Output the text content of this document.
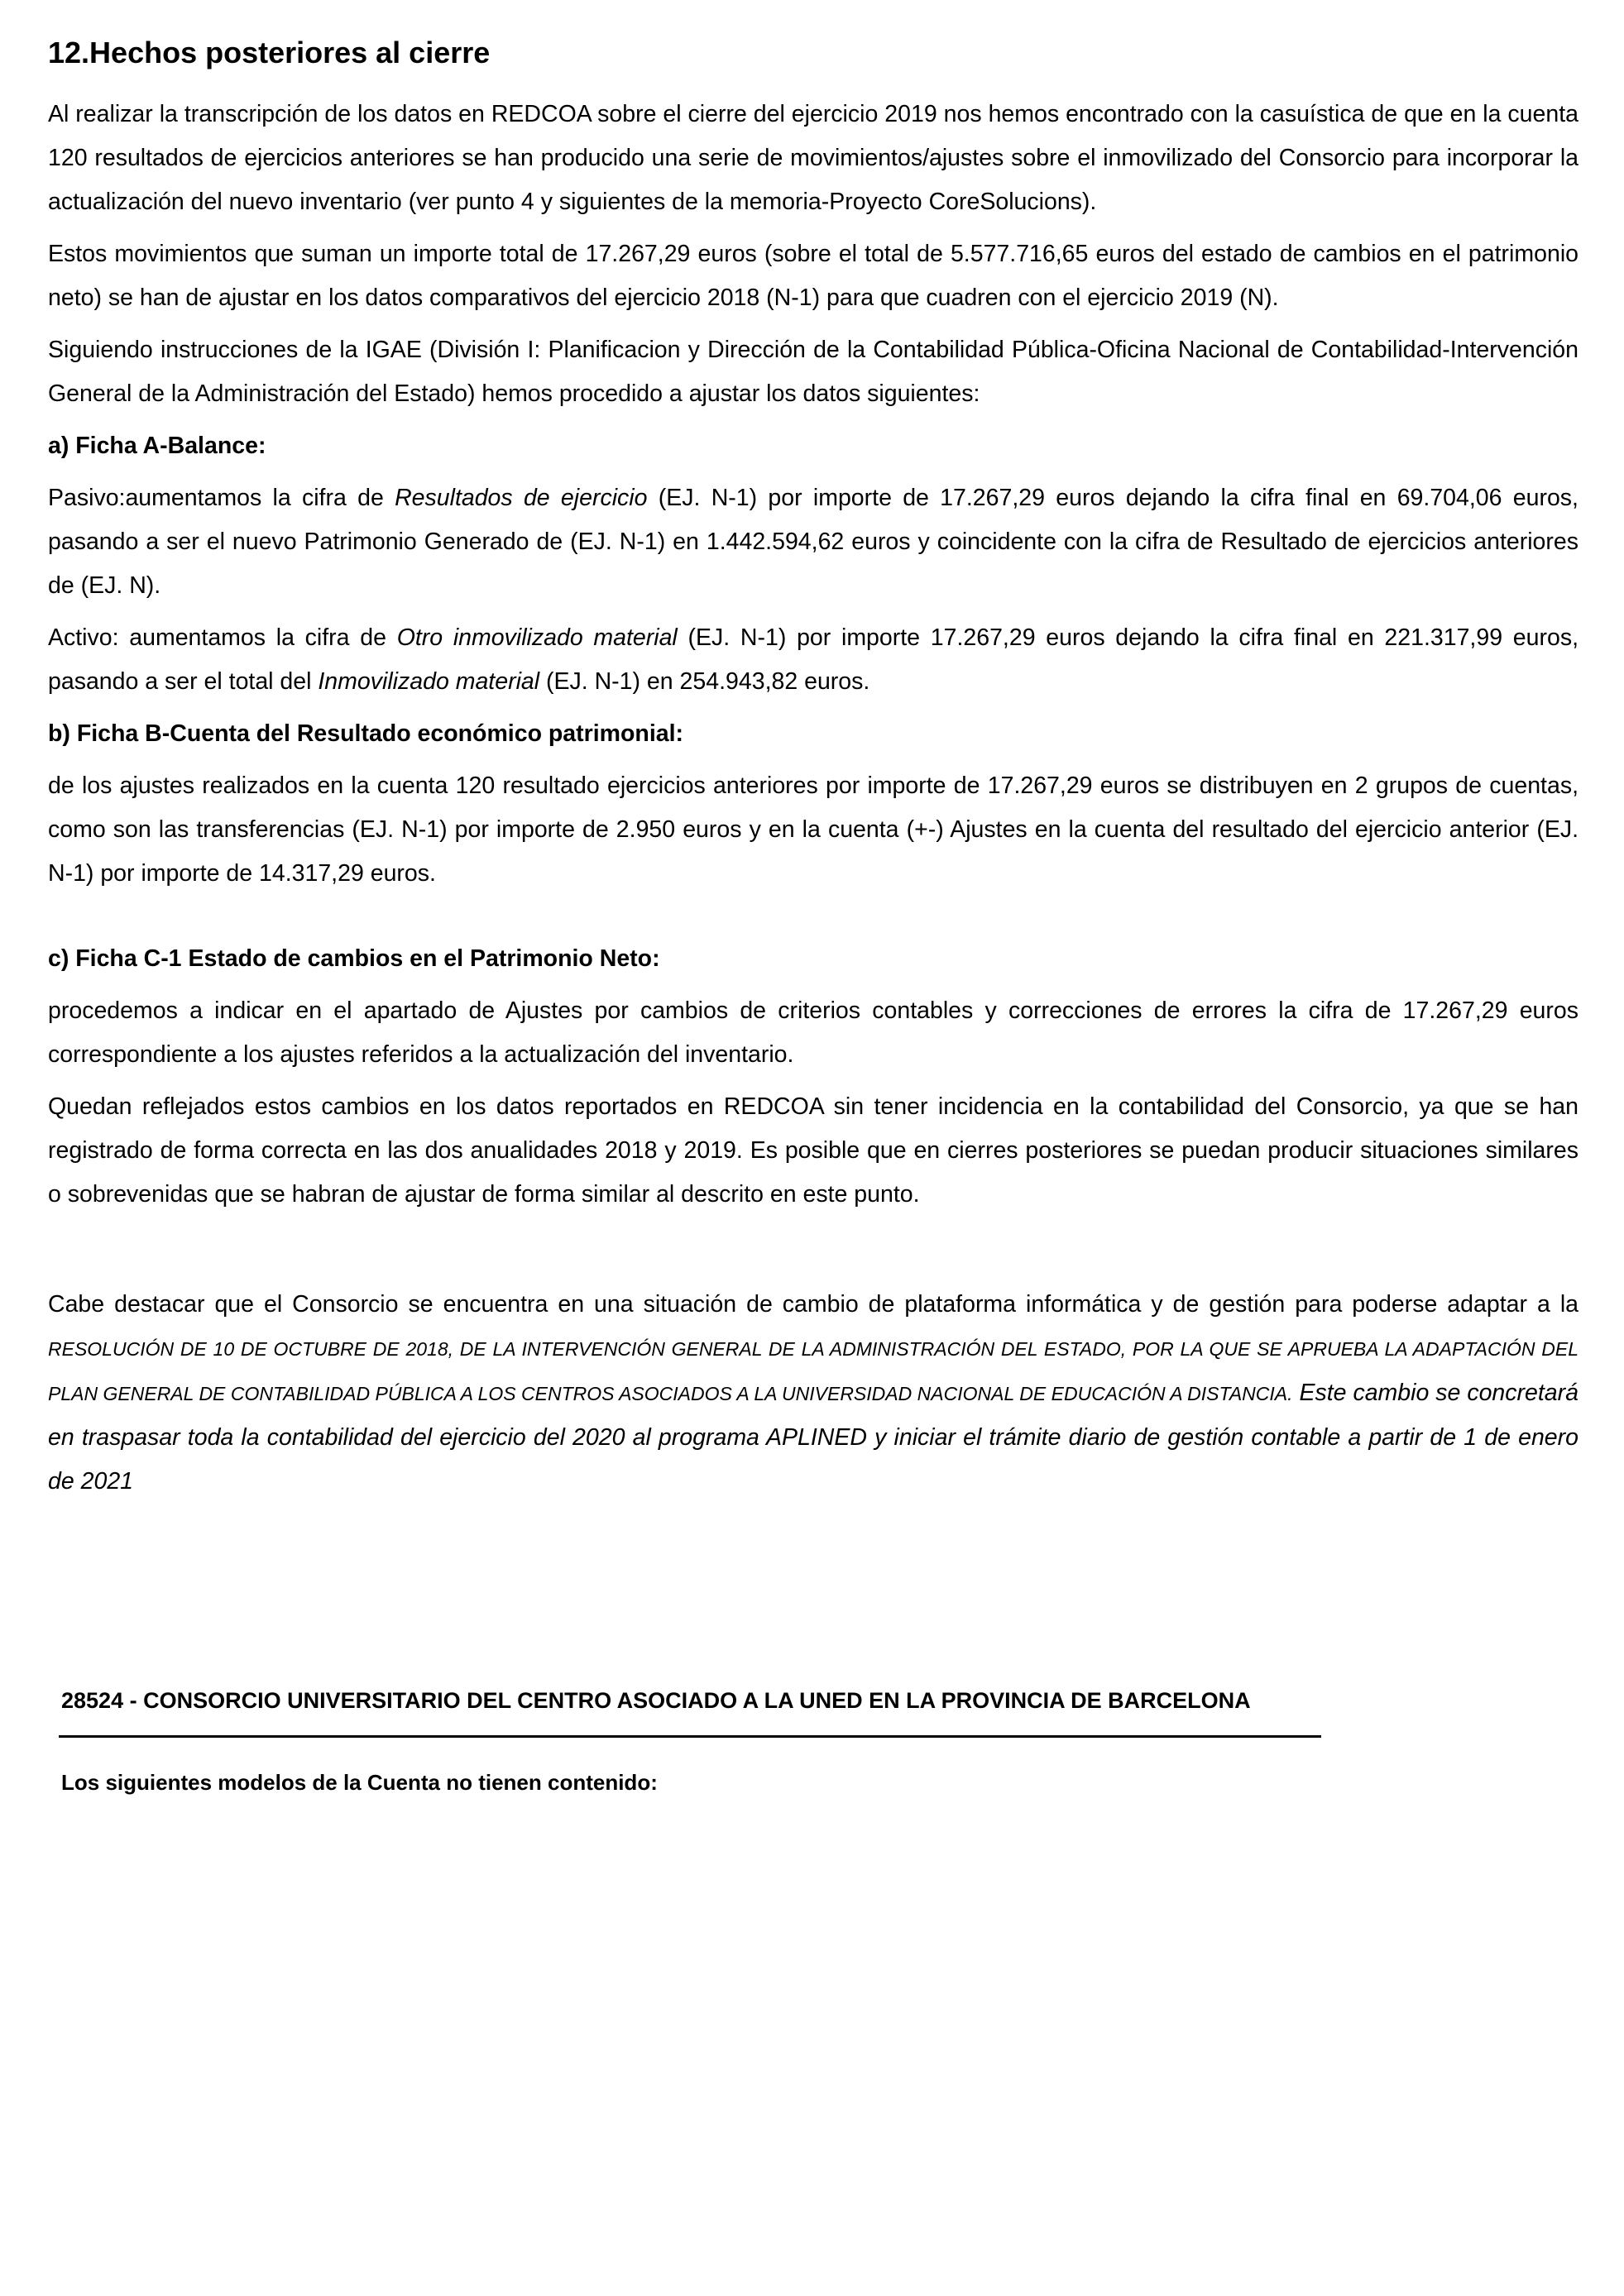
12.Hechos posteriores al cierre

Al realizar la transcripción de los datos en REDCOA sobre el cierre del ejercicio 2019 nos hemos encontrado con la casuística de que en la cuenta 120 resultados de ejercicios anteriores se han producido una serie de movimientos/ajustes sobre el inmovilizado del Consorcio para incorporar la actualización del nuevo inventario (ver punto 4 y siguientes de la memoria-Proyecto CoreSolucions).

Estos movimientos que suman un importe total de 17.267,29 euros (sobre el total de 5.577.716,65 euros del estado de cambios en el patrimonio neto) se han de ajustar en los datos comparativos del ejercicio 2018 (N-1) para que cuadren con el ejercicio 2019 (N).

Siguiendo instrucciones de la IGAE (División I: Planificacion y Dirección de la Contabilidad Pública-Oficina Nacional de Contabilidad-Intervención General de la Administración del Estado) hemos procedido a ajustar los datos siguientes:

a) Ficha A-Balance:

Pasivo:aumentamos la cifra de Resultados de ejercicio (EJ. N-1) por importe de 17.267,29 euros dejando la cifra final en 69.704,06 euros, pasando a ser el nuevo Patrimonio Generado de (EJ. N-1) en 1.442.594,62 euros y coincidente con la cifra de Resultado de ejercicios anteriores de (EJ. N).

Activo: aumentamos la cifra de Otro inmovilizado material (EJ. N-1) por importe 17.267,29 euros dejando la cifra final en 221.317,99 euros, pasando a ser el total del Inmovilizado material (EJ. N-1) en 254.943,82 euros.

b) Ficha B-Cuenta del Resultado económico patrimonial:

de los ajustes realizados en la cuenta 120 resultado ejercicios anteriores por importe de 17.267,29 euros se distribuyen en 2 grupos de cuentas, como son las transferencias (EJ. N-1) por importe de 2.950 euros y en la cuenta (+-) Ajustes en la cuenta del resultado del ejercicio anterior (EJ. N-1) por importe de 14.317,29 euros.

c) Ficha C-1 Estado de cambios en el Patrimonio Neto:

procedemos a indicar en el apartado de Ajustes por cambios de criterios contables y correcciones de errores la cifra de 17.267,29 euros correspondiente a los ajustes referidos a la actualización del inventario.

Quedan reflejados estos cambios en los datos reportados en REDCOA sin tener incidencia en la contabilidad del Consorcio, ya que se han registrado de forma correcta en las dos anualidades 2018 y 2019. Es posible que en cierres posteriores se puedan producir situaciones similares o sobrevenidas que se habran de ajustar de forma similar al descrito en este punto.

Cabe destacar que el Consorcio se encuentra en una situación de cambio de plataforma informática y de gestión para poderse adaptar a la RESOLUCIÓN DE 10 DE OCTUBRE DE 2018, DE LA INTERVENCIÓN GENERAL DE LA ADMINISTRACIÓN DEL ESTADO, POR LA QUE SE APRUEBA LA ADAPTACIÓN DEL PLAN GENERAL DE CONTABILIDAD PÚBLICA A LOS CENTROS ASOCIADOS A LA UNIVERSIDAD NACIONAL DE EDUCACIÓN A DISTANCIA. Este cambio se concretará en traspasar toda la contabilidad del ejercicio del 2020 al programa APLINED y iniciar el trámite diario de gestión contable a partir de 1 de enero de 2021

28524 - CONSORCIO UNIVERSITARIO DEL CENTRO ASOCIADO A LA UNED EN LA PROVINCIA DE BARCELONA

Los siguientes modelos de la Cuenta no tienen contenido:
